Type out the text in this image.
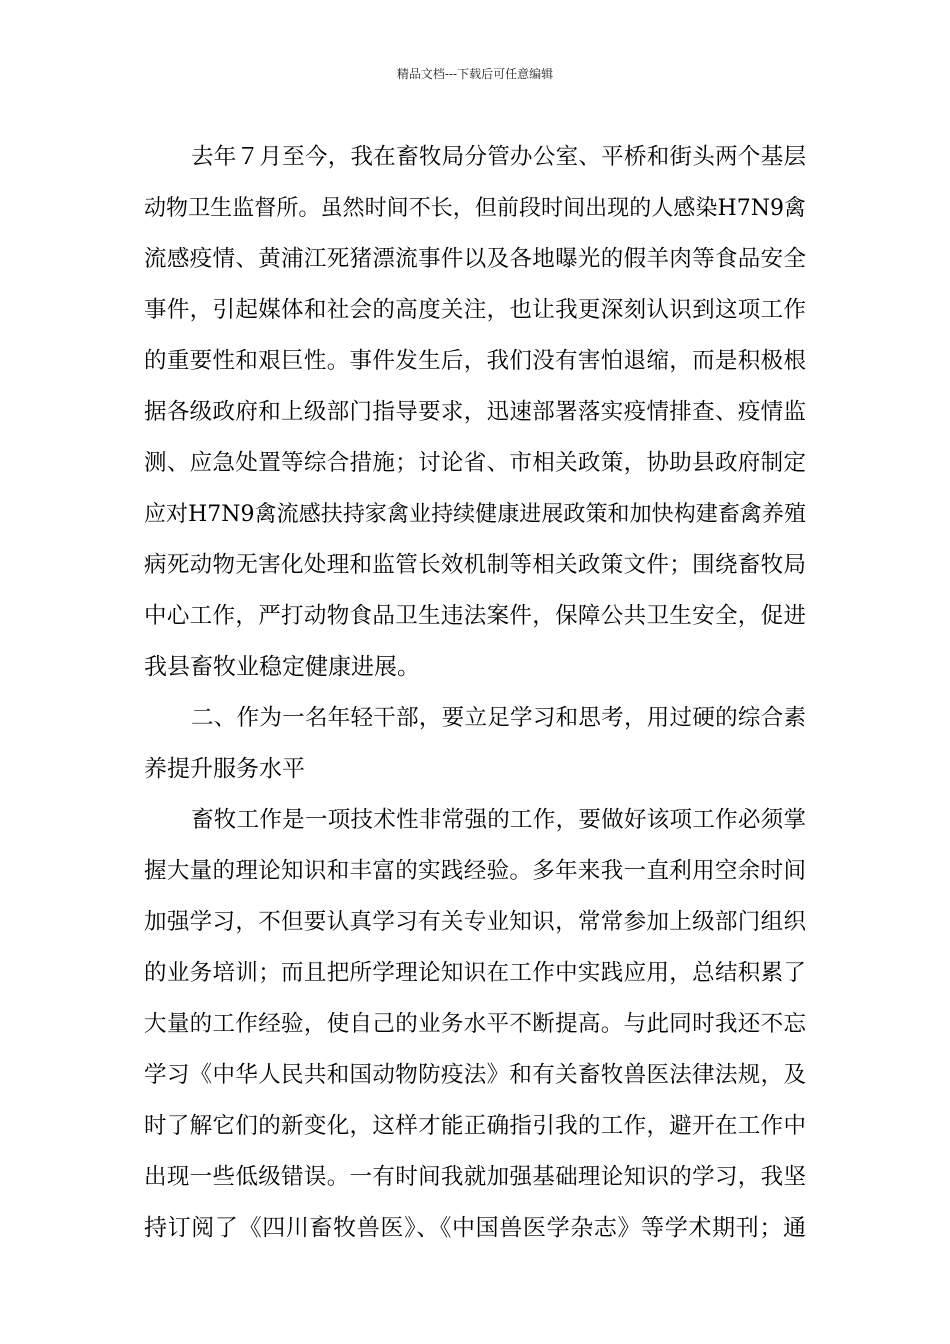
精品文档---下载后可任意编辑
去年７月至今，我在畜牧局分管办公室、平桥和街头两个基层
动物卫生监督所。虽然时间不长，但前段时间出现的人感染H7N9禽
流感疫情、黄浦江死猪漂流事件以及各地曝光的假羊肉等食品安全
事件，引起媒体和社会的高度关注，也让我更深刻认识到这项工作
的重要性和艰巨性。事件发生后，我们没有害怕退缩，而是积极根
据各级政府和上级部门指导要求，迅速部署落实疫情排查、疫情监
测、应急处置等综合措施；讨论省、市相关政策，协助县政府制定
应对H7N9禽流感扶持家禽业持续健康进展政策和加快构建畜禽养殖
病死动物无害化处理和监管长效机制等相关政策文件；围绕畜牧局
中心工作，严打动物食品卫生违法案件，保障公共卫生安全，促进
我县畜牧业稳定健康进展。
二、作为一名年轻干部，要立足学习和思考，用过硬的综合素
养提升服务水平
畜牧工作是一项技术性非常强的工作，要做好该项工作必须掌
握大量的理论知识和丰富的实践经验。多年来我一直利用空余时间
加强学习，不但要认真学习有关专业知识，常常参加上级部门组织
的业务培训；而且把所学理论知识在工作中实践应用，总结积累了
大量的工作经验，使自己的业务水平不断提高。与此同时我还不忘
学习《中华人民共和国动物防疫法》和有关畜牧兽医法律法规，及
时了解它们的新变化，这样才能正确指引我的工作，避开在工作中
出现一些低级错误。一有时间我就加强基础理论知识的学习，我坚
持订阅了《四川畜牧兽医》、《中国兽医学杂志》等学术期刊；通
